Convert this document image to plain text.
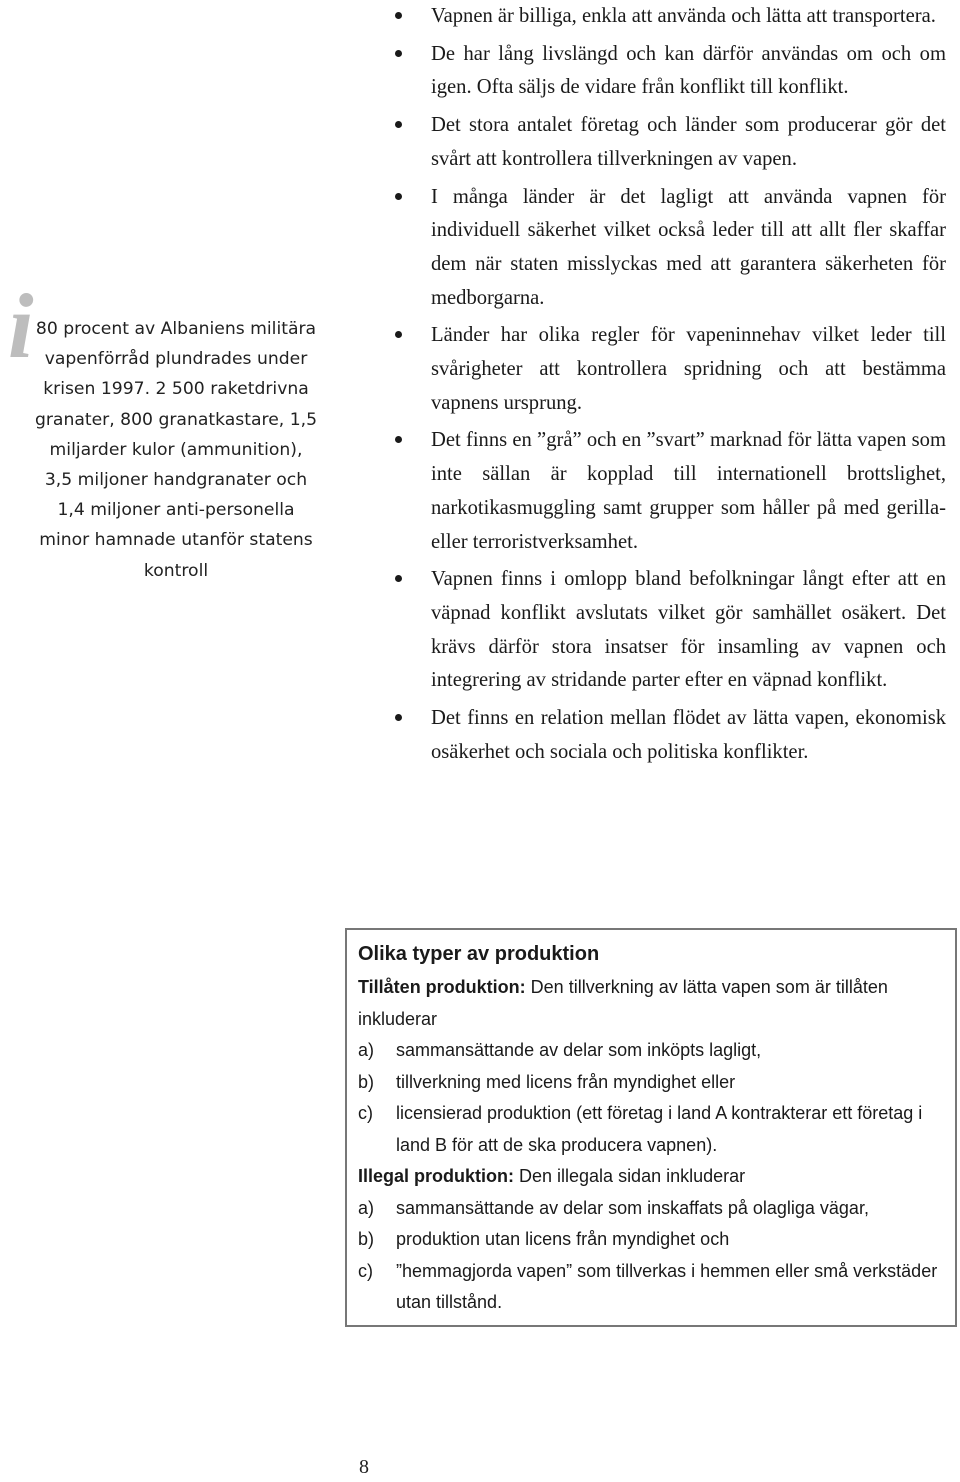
i 80 procent av Albaniens militära vapenförråd plundrades under krisen 1997. 2 500 raketdrivna granater, 800 granatkastare, 1,5 miljarder kulor (ammunition), 3,5 miljoner handgranater och 1,4 miljoner anti-personella minor hamnade utanför statens kontroll

Vapnen är billiga, enkla att använda och lätta att transportera.
De har lång livslängd och kan därför användas om och om igen. Ofta säljs de vidare från konflikt till konflikt.
Det stora antalet företag och länder som producerar gör det svårt att kontrollera tillverkningen av vapen.
I många länder är det lagligt att använda vapnen för individuell säkerhet vilket också leder till att allt fler skaffar dem när staten misslyckas med att garantera säkerheten för medborgarna.
Länder har olika regler för vapeninnehav vilket leder till svårigheter att kontrollera spridning och att bestämma vapnens ursprung.
Det finns en ”grå” och en ”svart” marknad för lätta vapen som inte sällan är kopplad till internationell brottslighet, narkotikasmuggling samt grupper som håller på med gerilla- eller terroristverksamhet.
Vapnen finns i omlopp bland befolkningar långt efter att en väpnad konflikt avslutats vilket gör samhället osäkert. Det krävs därför stora insatser för insamling av vapnen och integrering av stridande parter efter en väpnad konflikt.
Det finns en relation mellan flödet av lätta vapen, ekonomisk osäkerhet och sociala och politiska konflikter.
Olika typer av produktion

Tillåten produktion: Den tillverkning av lätta vapen som är tillåten inkluderar

a) sammansättande av delar som inköpts lagligt,

b) tillverkning med licens från myndighet eller

c) licensierad produktion (ett företag i land A kontrakterar ett företag i land B för att de ska producera vapnen).

Illegal produktion: Den illegala sidan inkluderar

a) sammansättande av delar som inskaffats på olagliga vägar,

b) produktion utan licens från myndighet och

c) ”hemmagjorda vapen” som tillverkas i hemmen eller små verkstäder utan tillstånd.

8
